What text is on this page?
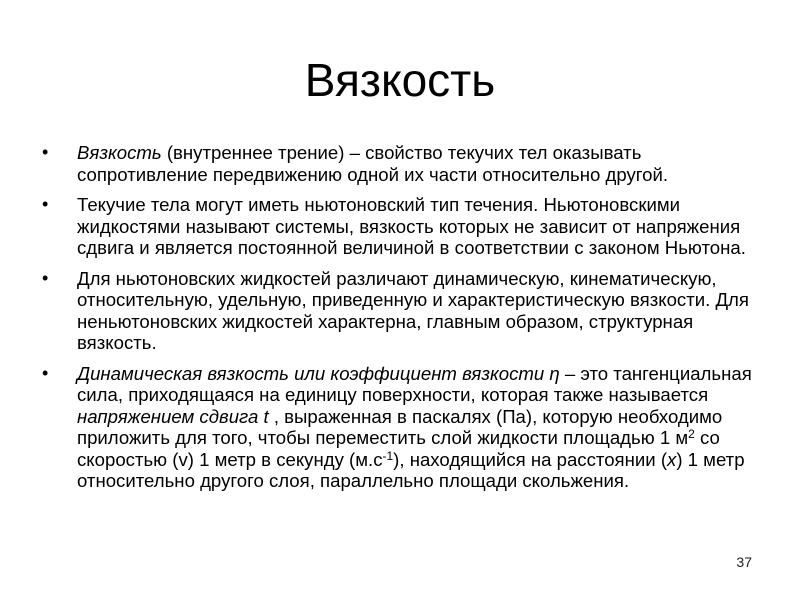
Вязкость
• Вязкость (внутреннее трение) – свойство текучих тел оказывать сопротивление передвижению одной их части относительно другой.
• Текучие тела могут иметь ньютоновский тип течения. Ньютоновскими жидкостями называют системы, вязкость которых не зависит от напряжения сдвига и является постоянной величиной в соответствии с законом Ньютона.
• Для ньютоновских жидкостей различают динамическую, кинематическую, относительную, удельную, приведенную и характеристическую вязкости. Для неньютоновских жидкостей характерна, главным образом, структурная вязкость.
• Динамическая вязкость или коэффициент вязкости η – это тангенциальная сила, приходящаяся на единицу поверхности, которая также называется напряжением сдвига t , выраженная в паскалях (Па), которую необходимо приложить для того, чтобы переместить слой жидкости площадью 1 $м^2$ со скоростью (v) 1 метр в секунду $(м.с^{-1})$, находящийся на расстоянии (x) 1 метр относительно другого слоя, параллельно площади скольжения.
37
